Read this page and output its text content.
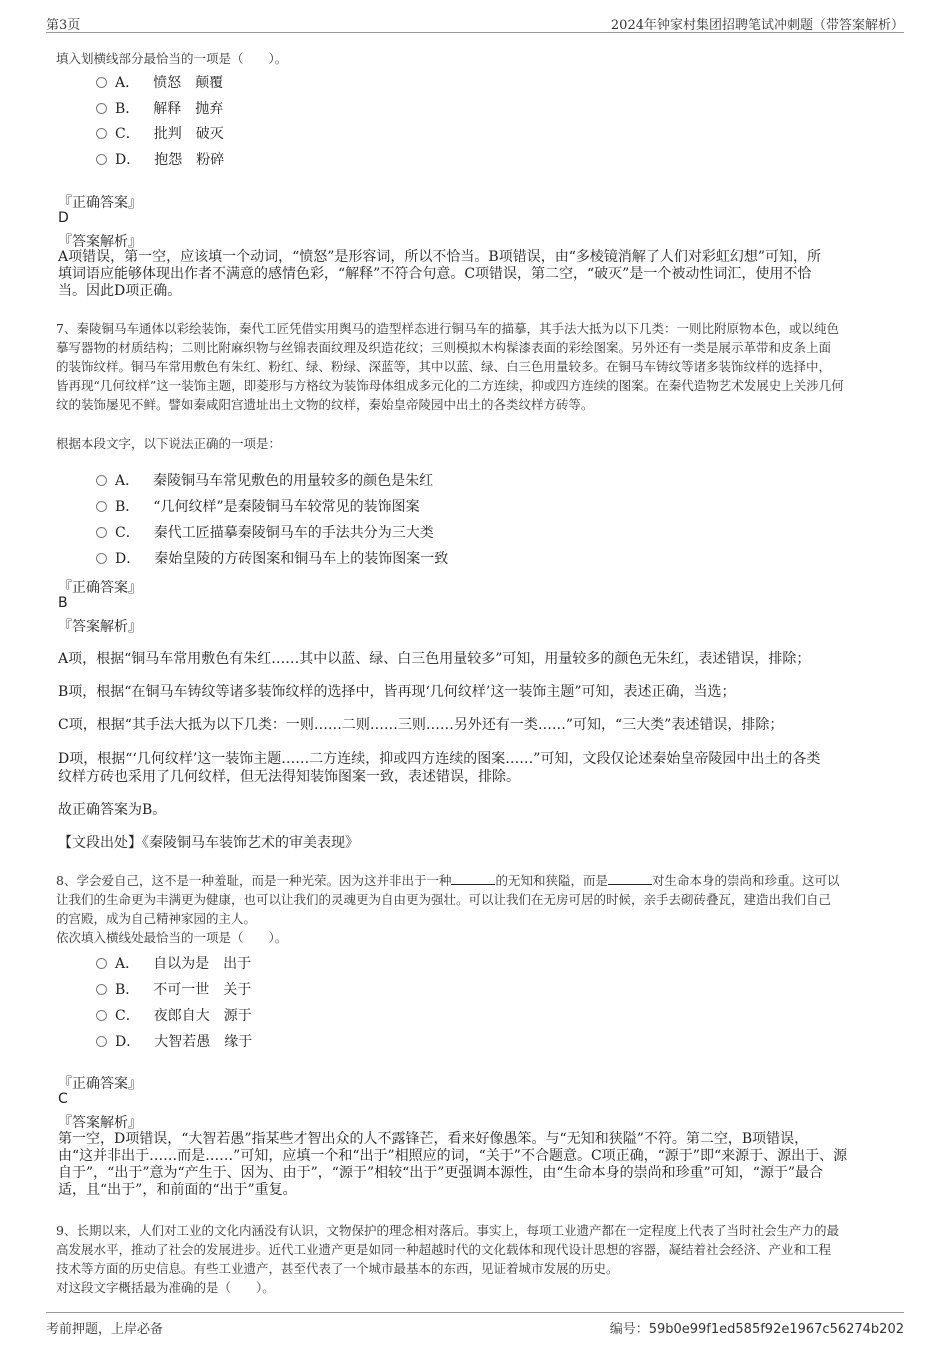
第3页	2024年钟家村集团招聘笔试冲刺题（带答案解析）
填入划横线部分最恰当的一项是（　　）。
A． 愤怒 颠覆
B． 解释 抛弃
C． 批判 破灭
D． 抱怨 粉碎
『正确答案』
D
『答案解析』
A项错误，第一空，应该填一个动词，“愤怒”是形容词，所以不恰当。B项错误，由“多棱镜消解了人们对彩虹幻想”可知，所
填词语应能够体现出作者不满意的感情色彩，“解释”不符合句意。C项错误，第二空，“破灭”是一个被动性词汇，使用不恰
当。因此D项正确。
7、秦陵铜马车通体以彩绘装饰，秦代工匠凭借实用舆马的造型样态进行铜马车的描摹，其手法大抵为以下几类：一则比附原物本色，或以纯色
摹写器物的材质结构；二则比附麻织物与丝锦表面纹理及织造花纹；三则模拟木构髹漆表面的彩绘图案。另外还有一类是展示革带和皮条上面
的装饰纹样。铜马车常用敷色有朱红、粉红、绿、粉绿、深蓝等，其中以蓝、绿、白三色用量较多。在铜马车铸纹等诸多装饰纹样的选择中，
皆再现“几何纹样”这一装饰主题，即菱形与方格纹为装饰母体组成多元化的二方连续，抑或四方连续的图案。在秦代造物艺术发展史上关涉几何
纹的装饰屡见不鲜。譬如秦咸阳宫遗址出土文物的纹样，秦始皇帝陵园中出土的各类纹样方砖等。
根据本段文字，以下说法正确的一项是：
A． 秦陵铜马车常见敷色的用量较多的颜色是朱红
B． “几何纹样”是秦陵铜马车较常见的装饰图案
C． 秦代工匠描摹秦陵铜马车的手法共分为三大类
D． 秦始皇陵的方砖图案和铜马车上的装饰图案一致
『正确答案』
B
『答案解析』
A项，根据“铜马车常用敷色有朱红……其中以蓝、绿、白三色用量较多”可知，用量较多的颜色无朱红，表述错误，排除；
B项，根据“在铜马车铸纹等诸多装饰纹样的选择中，皆再现‘几何纹样’这一装饰主题”可知，表述正确，当选；
C项，根据“其手法大抵为以下几类：一则……二则……三则……另外还有一类……”可知，“三大类”表述错误，排除；
D项，根据“‘几何纹样’这一装饰主题……二方连续，抑或四方连续的图案……”可知，文段仅论述秦始皇帝陵园中出土的各类
纹样方砖也采用了几何纹样，但无法得知装饰图案一致，表述错误，排除。
故正确答案为B。
【文段出处】《秦陵铜马车装饰艺术的审美表现》
8、学会爱自己，这不是一种羞耻，而是一种光荣。因为这并非出于一种	的无知和狭隘，而是	对生命本身的崇尚和珍重。这可以
让我们的生命更为丰满更为健康，也可以让我们的灵魂更为自由更为强壮。可以让我们在无房可居的时候，亲手去砌砖叠瓦，建造出我们自己
的宫殿，成为自己精神家园的主人。
依次填入横线处最恰当的一项是（　　）。
A． 自以为是 出于
B． 不可一世 关于
C． 夜郎自大 源于
D． 大智若愚 缘于
『正确答案』
C
『答案解析』
第一空，D项错误，“大智若愚”指某些才智出众的人不露锋芒，看来好像愚笨。与“无知和狭隘”不符。第二空，B项错误，
由“这并非出于……而是……”可知，应填一个和“出于”相照应的词，“关于”不合题意。C项正确，“源于”即“来源于、源出于、源
自于”，“出于”意为“产生于、因为、由于”，“源于”相较“出于”更强调本源性，由“生命本身的崇尚和珍重”可知，“源于”最合
适，且“出于”，和前面的“出于”重复。
9、长期以来，人们对工业的文化内涵没有认识，文物保护的理念相对落后。事实上，每项工业遗产都在一定程度上代表了当时社会生产力的最
高发展水平，推动了社会的发展进步。近代工业遗产更是如同一种超越时代的文化载体和现代设计思想的容器，凝结着社会经济、产业和工程
技术等方面的历史信息。有些工业遗产，甚至代表了一个城市最基本的东西，见证着城市发展的历史。
对这段文字概括最为准确的是（　　）。
考前押题，上岸必备	编号：59b0e99f1ed585f92e1967c56274b202
